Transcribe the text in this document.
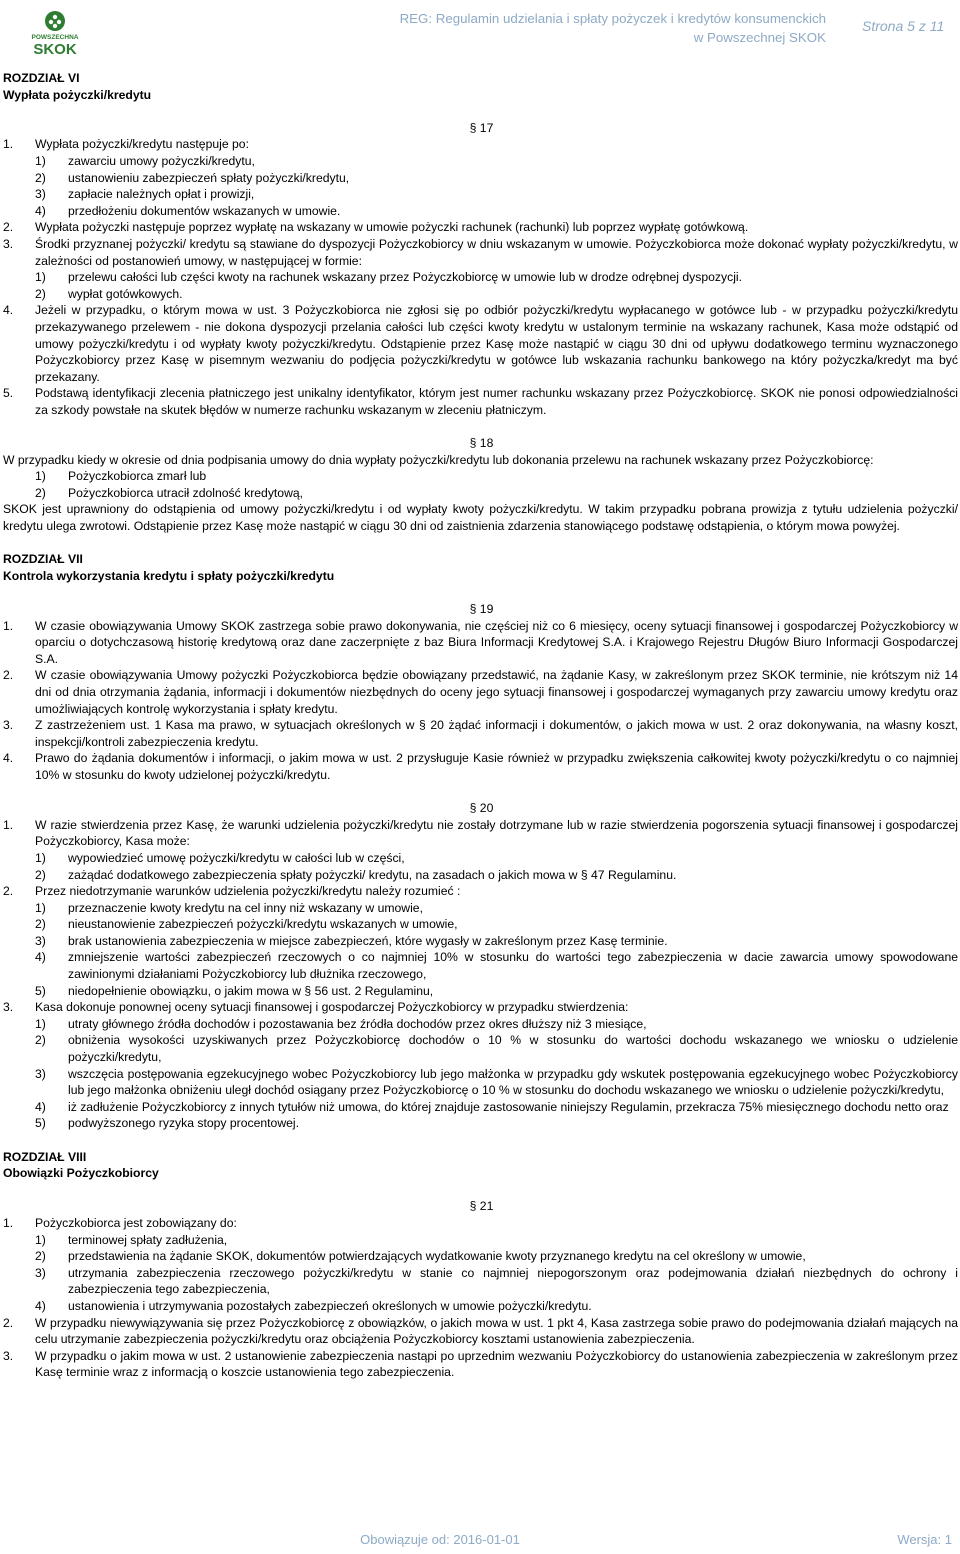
POWSZECHNA
SKOK
REG: Regulamin udzielania i spłaty pożyczek i kredytów konsumenckich
w Powszechnej SKOK
Strona 5 z 11
ROZDZIAŁ VI
Wypłata pożyczki/kredytu
§ 17
1.	Wypłata pożyczki/kredytu następuje po:
1)	zawarciu umowy pożyczki/kredytu,
2)	ustanowieniu zabezpieczeń spłaty pożyczki/kredytu,
3)	zapłacie należnych opłat i prowizji,
4)	przedłożeniu dokumentów wskazanych w umowie.
2.	Wypłata pożyczki następuje poprzez wypłatę na wskazany w umowie pożyczki rachunek (rachunki) lub poprzez wypłatę gotówkową.
3.	Środki przyznanej pożyczki/ kredytu są stawiane do dyspozycji Pożyczkobiorcy w dniu wskazanym w umowie. Pożyczkobiorca może dokonać wypłaty pożyczki/kredytu, w zależności od postanowień umowy, w następującej w formie:
1)	przelewu całości lub części kwoty na rachunek wskazany przez Pożyczkobiorcę w umowie lub w drodze odrębnej dyspozycji.
2)	wypłat gotówkowych.
4.	Jeżeli w przypadku, o którym mowa w ust. 3 Pożyczkobiorca nie zgłosi się po odbiór pożyczki/kredytu wypłacanego w gotówce lub - w przypadku pożyczki/kredytu przekazywanego przelewem - nie dokona dyspozycji przelania całości lub części kwoty kredytu w ustalonym terminie na wskazany rachunek, Kasa może odstąpić od umowy pożyczki/kredytu i od wypłaty kwoty pożyczki/kredytu. Odstąpienie przez Kasę może nastąpić w ciągu 30 dni od upływu dodatkowego terminu wyznaczonego Pożyczkobiorcy przez Kasę w pisemnym wezwaniu do podjęcia pożyczki/kredytu w gotówce lub wskazania rachunku bankowego na który pożyczka/kredyt ma być przekazany.
5.	Podstawą identyfikacji zlecenia płatniczego jest unikalny identyfikator, którym jest numer rachunku wskazany przez Pożyczkobiorcę. SKOK nie ponosi odpowiedzialności za szkody powstałe na skutek błędów w numerze rachunku wskazanym w zleceniu płatniczym.
§ 18

W przypadku kiedy w okresie od dnia podpisania umowy do dnia wypłaty pożyczki/kredytu lub dokonania przelewu na rachunek wskazany przez Pożyczkobiorcę:

1)	Pożyczkobiorca zmarł lub
2)	Pożyczkobiorca utracił zdolność kredytową,

SKOK jest uprawniony do odstąpienia od umowy pożyczki/kredytu i od wypłaty kwoty pożyczki/kredytu. W takim przypadku pobrana prowizja z tytułu udzielenia pożyczki/ kredytu ulega zwrotowi. Odstąpienie przez Kasę może nastąpić w ciągu 30 dni od zaistnienia zdarzenia stanowiącego podstawę odstąpienia, o którym mowa powyżej.

ROZDZIAŁ VII
Kontrola wykorzystania kredytu i spłaty pożyczki/kredytu
§ 19
1.	W czasie obowiązywania Umowy SKOK zastrzega sobie prawo dokonywania, nie częściej niż co 6 miesięcy, oceny sytuacji finansowej i gospodarczej Pożyczkobiorcy w oparciu o dotychczasową historię kredytową oraz dane zaczerpnięte z baz Biura Informacji Kredytowej S.A. i Krajowego Rejestru Długów Biuro Informacji Gospodarczej S.A.
2.	W czasie obowiązywania Umowy pożyczki Pożyczkobiorca będzie obowiązany przedstawić, na żądanie Kasy, w zakreślonym przez SKOK terminie, nie krótszym niż 14 dni od dnia otrzymania żądania, informacji i dokumentów niezbędnych do oceny jego sytuacji finansowej i gospodarczej wymaganych przy zawarciu umowy kredytu oraz umożliwiających kontrolę wykorzystania i spłaty kredytu.
3.	Z zastrzeżeniem ust. 1 Kasa ma prawo, w sytuacjach określonych w § 20 żądać informacji i dokumentów, o jakich mowa w ust. 2 oraz dokonywania, na własny koszt, inspekcji/kontroli zabezpieczenia kredytu.
4.	Prawo do żądania dokumentów i informacji, o jakim mowa w ust. 2 przysługuje Kasie również w przypadku zwiększenia całkowitej kwoty pożyczki/kredytu o co najmniej 10% w stosunku do kwoty udzielonej pożyczki/kredytu.
§ 20
1.	W razie stwierdzenia przez Kasę, że warunki udzielenia pożyczki/kredytu nie zostały dotrzymane lub w razie stwierdzenia pogorszenia sytuacji finansowej i gospodarczej Pożyczkobiorcy, Kasa może:
1)	wypowiedzieć umowę pożyczki/kredytu w całości lub w części,
2)	zażądać dodatkowego zabezpieczenia spłaty pożyczki/ kredytu, na zasadach o jakich mowa w § 47 Regulaminu.
2.	Przez niedotrzymanie warunków udzielenia pożyczki/kredytu należy rozumieć :
1)	przeznaczenie kwoty kredytu na cel inny niż wskazany w umowie,
2)	nieustanowienie zabezpieczeń pożyczki/kredytu wskazanych w umowie,
3)	brak ustanowienia zabezpieczenia w miejsce zabezpieczeń, które wygasły w zakreślonym przez Kasę terminie.
4)	zmniejszenie wartości zabezpieczeń rzeczowych o co najmniej 10% w stosunku do wartości tego zabezpieczenia w dacie zawarcia umowy spowodowane zawinionymi działaniami Pożyczkobiorcy lub dłużnika rzeczowego,
5)	niedopełnienie obowiązku, o jakim mowa w § 56 ust. 2 Regulaminu,
3.	Kasa dokonuje ponownej oceny sytuacji finansowej i gospodarczej Pożyczkobiorcy w przypadku stwierdzenia:
1)	utraty głównego źródła dochodów i pozostawania bez źródła dochodów przez okres dłuższy niż 3 miesiące,
2)	obniżenia wysokości uzyskiwanych przez Pożyczkobiorcę dochodów o 10 % w stosunku do wartości dochodu wskazanego we wniosku o udzielenie pożyczki/kredytu,
3)	wszczęcia postępowania egzekucyjnego wobec Pożyczkobiorcy lub jego małżonka w przypadku gdy wskutek postępowania egzekucyjnego wobec Pożyczkobiorcy lub jego małżonka obniżeniu uległ dochód osiągany przez Pożyczkobiorcę o 10 % w stosunku do dochodu wskazanego we wniosku o udzielenie pożyczki/kredytu,
4)	iż zadłużenie Pożyczkobiorcy z innych tytułów niż umowa, do której znajduje zastosowanie niniejszy Regulamin, przekracza 75% miesięcznego dochodu netto oraz
5)	podwyższonego ryzyka stopy procentowej.
ROZDZIAŁ VIII
Obowiązki Pożyczkobiorcy
§ 21
1.	Pożyczkobiorca jest zobowiązany do:
1)	terminowej spłaty zadłużenia,
2)	przedstawienia na żądanie SKOK, dokumentów potwierdzających wydatkowanie kwoty przyznanego kredytu na cel określony w umowie,
3)	utrzymania zabezpieczenia rzeczowego pożyczki/kredytu w stanie co najmniej niepogorszonym oraz podejmowania działań niezbędnych do ochrony i zabezpieczenia tego zabezpieczenia,
4)	ustanowienia i utrzymywania pozostałych zabezpieczeń określonych w umowie pożyczki/kredytu.
2.	W przypadku niewywiązywania się przez Pożyczkobiorcę z obowiązków, o jakich mowa w ust. 1 pkt 4, Kasa zastrzega sobie prawo do podejmowania działań mających na celu utrzymanie zabezpieczenia pożyczki/kredytu oraz obciążenia Pożyczkobiorcy kosztami ustanowienia zabezpieczenia.
3.	W przypadku o jakim mowa w ust. 2 ustanowienie zabezpieczenia nastąpi po uprzednim wezwaniu Pożyczkobiorcy do ustanowienia zabezpieczenia w zakreślonym przez Kasę terminie wraz z informacją o koszcie ustanowienia tego zabezpieczenia.
Obowiązuje od: 2016-01-01	Wersja: 1
